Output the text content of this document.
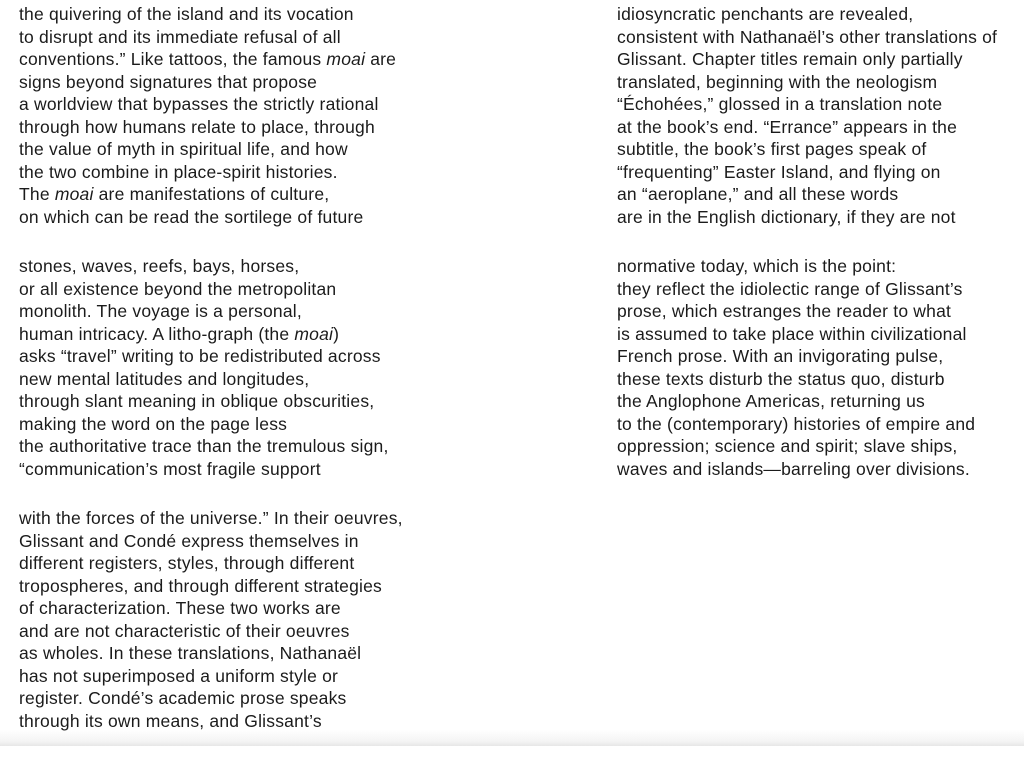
the quivering of the island and its vocation
to disrupt and its immediate refusal of all
conventions.” Like tattoos, the famous moai are
signs beyond signatures that propose
a worldview that bypasses the strictly rational
through how humans relate to place, through
the value of myth in spiritual life, and how
the two combine in place-spirit histories.
The moai are manifestations of culture,
on which can be read the sortilege of future
stones, waves, reefs, bays, horses,
or all existence beyond the metropolitan
monolith. The voyage is a personal,
human intricacy. A litho-graph (the moai)
asks “travel” writing to be redistributed across
new mental latitudes and longitudes,
through slant meaning in oblique obscurities,
making the word on the page less
the authoritative trace than the tremulous sign,
“communication’s most fragile support
with the forces of the universe.” In their oeuvres,
Glissant and Condé express themselves in
different registers, styles, through different
tropospheres, and through different strategies
of characterization. These two works are
and are not characteristic of their oeuvres
as wholes. In these translations, Nathanaël
has not superimposed a uniform style or
register. Condé’s academic prose speaks
through its own means, and Glissant’s
idiosyncratic penchants are revealed,
consistent with Nathanaël’s other translations of
Glissant. Chapter titles remain only partially
translated, beginning with the neologism
“Échohées,” glossed in a translation note
at the book’s end. “Errance” appears in the
subtitle, the book’s first pages speak of
“frequenting” Easter Island, and flying on
an “aeroplane,” and all these words
are in the English dictionary, if they are not
normative today, which is the point:
they reflect the idiolectic range of Glissant’s
prose, which estranges the reader to what
is assumed to take place within civilizational
French prose. With an invigorating pulse,
these texts disturb the status quo, disturb
the Anglophone Americas, returning us
to the (contemporary) histories of empire and
oppression; science and spirit; slave ships,
waves and islands—barreling over divisions.
